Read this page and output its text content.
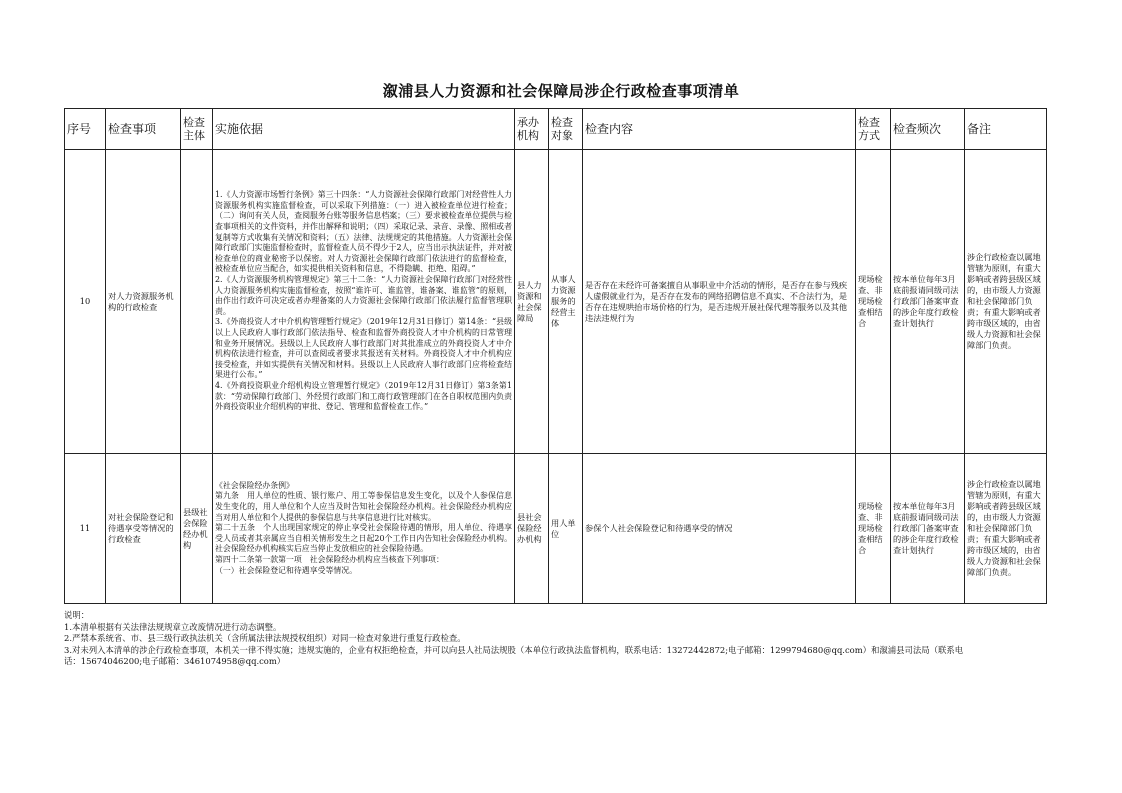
溆浦县人力资源和社会保障局涉企行政检查事项清单
序号	检查事项	检查主体	实施依据	承办机构	检查对象	检查内容	检查方式	检查频次	备注
10	对人力资源服务机构的行政检查		1.《人力资源市场暂行条例》第三十四条：“人力资源社会保障行政部门对经营性人力资源服务机构实施监督检查，可以采取下列措施：（一）进入被检查单位进行检查；（二）询问有关人员，查阅服务台账等服务信息档案；（三）要求被检查单位提供与检查事项相关的文件资料，并作出解释和说明；（四）采取记录、录音、录像、照相或者复制等方式收集有关情况和资料；（五）法律、法规规定的其他措施。人力资源社会保障行政部门实施监督检查时，监督检查人员不得少于2人，应当出示执法证件，并对被检查单位的商业秘密予以保密。对人力资源社会保障行政部门依法进行的监督检查，被检查单位应当配合，如实提供相关资料和信息，不得隐瞒、拒绝、阻碍。”
2.《人力资源服务机构管理规定》第三十二条：“人力资源社会保障行政部门对经营性人力资源服务机构实施监督检查，按照“谁许可、谁监管，谁备案、谁监管”的原则，由作出行政许可决定或者办理备案的人力资源社会保障行政部门依法履行监督管理职责。
3.《外商投资人才中介机构管理暂行规定》（2019年12月31日修订）第14条：“县级以上人民政府人事行政部门依法指导、检查和监督外商投资人才中介机构的日常管理和业务开展情况。县级以上人民政府人事行政部门对其批准成立的外商投资人才中介机构依法进行检查，并可以查阅或者要求其报送有关材料。外商投资人才中介机构应接受检查，并如实提供有关情况和材料。县级以上人民政府人事行政部门应将检查结果进行公布。”
4.《外商投资职业介绍机构设立管理暂行规定》（2019年12月31日修订）第3条第1款：“劳动保障行政部门、外经贸行政部门和工商行政管理部门在各自职权范围内负责外商投资职业介绍机构的审批、登记、管理和监督检查工作。”	县人力资源和社会保障局	从事人力资源服务的经营主体	是否存在未经许可备案擅自从事职业中介活动的情形，是否存在参与残疾人虚假就业行为，是否存在发布的网络招聘信息不真实、不合法行为，是否存在违规哄抬市场价格的行为，是否违规开展社保代理等服务以及其他违法违规行为	现场检查、非现场检查相结合	按本单位每年3月底前报请同级司法行政部门备案审查的涉企年度行政检查计划执行	涉企行政检查以属地管辖为原则，有重大影响或者跨县级区域的，由市级人力资源和社会保障部门负责；有重大影响或者跨市级区域的，由省级人力资源和社会保障部门负责。
11	对社会保险登记和待遇享受等情况的行政检查	县级社会保险经办机构	《社会保险经办条例》
第九条　用人单位的性质、银行账户、用工等参保信息发生变化，以及个人参保信息发生变化的，用人单位和个人应当及时告知社会保险经办机构。社会保险经办机构应当对用人单位和个人提供的参保信息与共享信息进行比对核实。
第二十五条　个人出现国家规定的停止享受社会保险待遇的情形，用人单位、待遇享受人员或者其亲属应当自相关情形发生之日起20个工作日内告知社会保险经办机构。社会保险经办机构核实后应当停止发放相应的社会保险待遇。
第四十二条第一款第一项　社会保险经办机构应当核查下列事项：
（一）社会保险登记和待遇享受等情况。	县社会保险经办机构	用人单位	参保个人社会保险登记和待遇享受的情况	现场检查、非现场检查相结合	按本单位每年3月底前报请同级司法行政部门备案审查的涉企年度行政检查计划执行	涉企行政检查以属地管辖为原则，有重大影响或者跨县级区域的，由市级人力资源和社会保障部门负责；有重大影响或者跨市级区域的，由省级人力资源和社会保障部门负责。
说明：
1.本清单根据有关法律法规规章立改废情况进行动态调整。
2.严禁本系统省、市、县三级行政执法机关（含所属法律法规授权组织）对同一检查对象进行重复行政检查。
3.对未列入本清单的涉企行政检查事项，本机关一律不得实施；违规实施的，企业有权拒绝检查，并可以向县人社局法规股（本单位行政执法监督机构，联系电话：13272442872;电子邮箱：1299794680@qq.com）和溆浦县司法局（联系电
话：15674046200;电子邮箱：3461074958@qq.com）
